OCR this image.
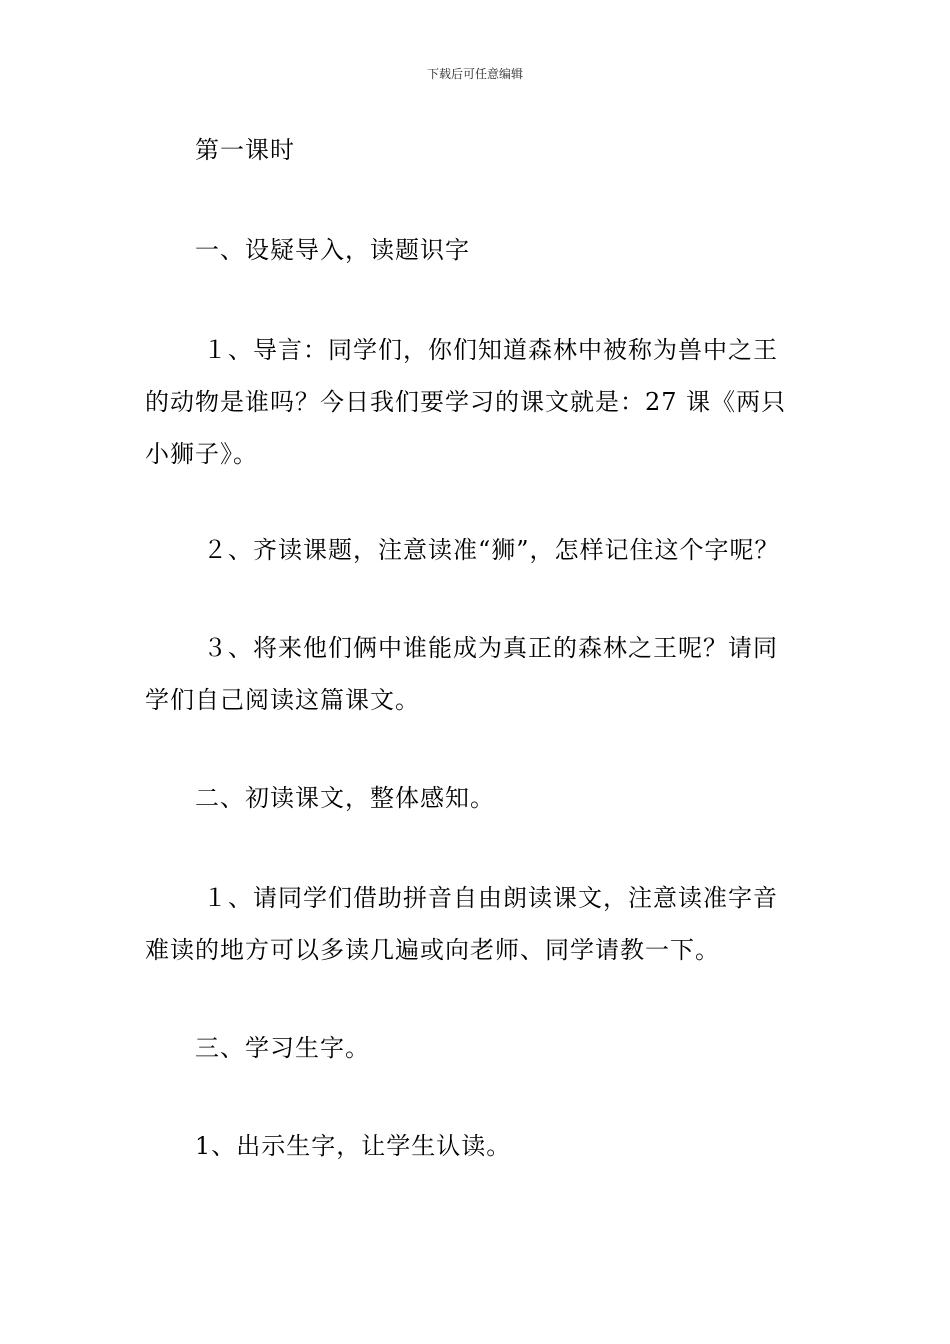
下载后可任意编辑
第一课时
一、设疑导入，读题识字
１、导言：同学们，你们知道森林中被称为兽中之王
的动物是谁吗？今日我们要学习的课文就是：27 课《两只
小狮子》。
２、齐读课题，注意读准“狮”，怎样记住这个字呢？
３、将来他们俩中谁能成为真正的森林之王呢？请同
学们自己阅读这篇课文。
二、初读课文，整体感知。
１、请同学们借助拼音自由朗读课文，注意读准字音
难读的地方可以多读几遍或向老师、同学请教一下。
三、学习生字。
1、出示生字，让学生认读。
